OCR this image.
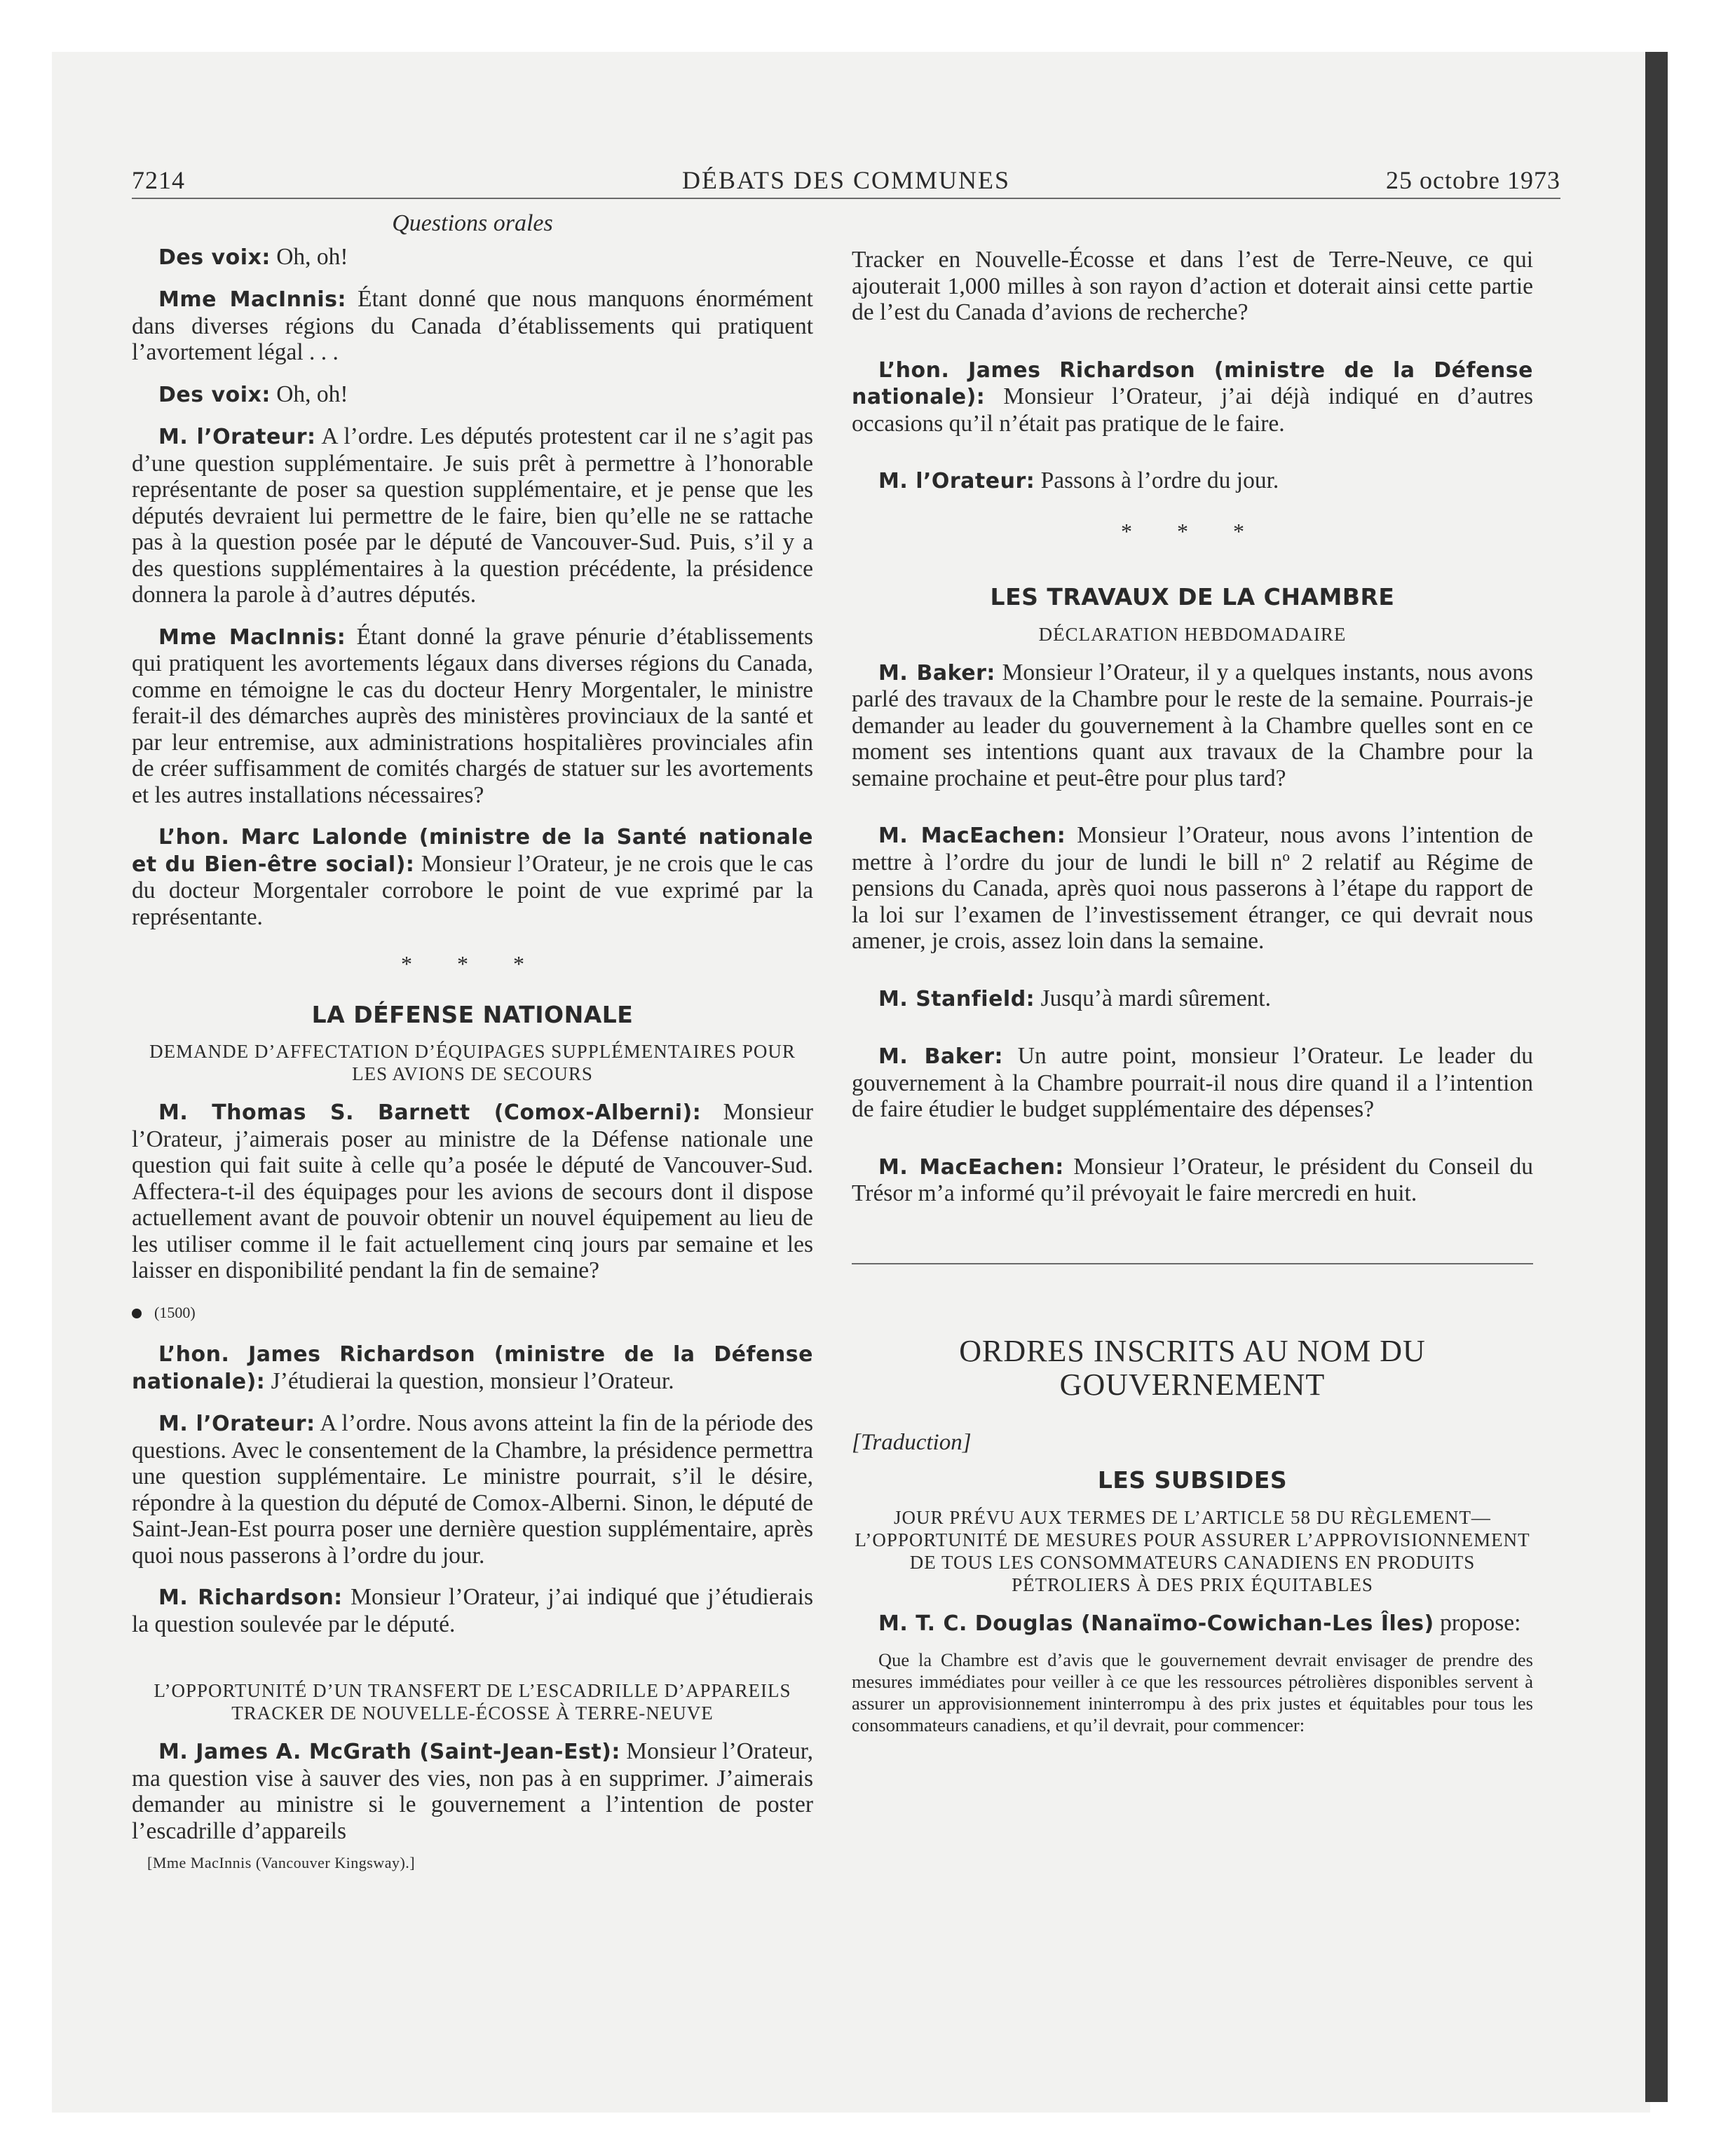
7214	DÉBATS DES COMMUNES	25 octobre 1973
Questions orales

Des voix: Oh, oh!

Mme MacInnis: Étant donné que nous manquons énormément dans diverses régions du Canada d’établissements qui pratiquent l’avortement légal . . .

Des voix: Oh, oh!

M. l’Orateur: A l’ordre. Les députés protestent car il ne s’agit pas d’une question supplémentaire. Je suis prêt à permettre à l’honorable représentante de poser sa question supplémentaire, et je pense que les députés devraient lui permettre de le faire, bien qu’elle ne se rattache pas à la question posée par le député de Vancouver-Sud. Puis, s’il y a des questions supplémentaires à la question précédente, la présidence donnera la parole à d’autres députés.

Mme MacInnis: Étant donné la grave pénurie d’établissements qui pratiquent les avortements légaux dans diverses régions du Canada, comme en témoigne le cas du docteur Henry Morgentaler, le ministre ferait-il des démarches auprès des ministères provinciaux de la santé et par leur entremise, aux administrations hospitalières provinciales afin de créer suffisamment de comités chargés de statuer sur les avortements et les autres installations nécessaires?

L’hon. Marc Lalonde (ministre de la Santé nationale et du Bien-être social): Monsieur l’Orateur, je ne crois que le cas du docteur Morgentaler corrobore le point de vue exprimé par la représentante.

* * *
LA DÉFENSE NATIONALE
DEMANDE D’AFFECTATION D’ÉQUIPAGES SUPPLÉMENTAIRES POUR LES AVIONS DE SECOURS

M. Thomas S. Barnett (Comox-Alberni): Monsieur l’Orateur, j’aimerais poser au ministre de la Défense nationale une question qui fait suite à celle qu’a posée le député de Vancouver-Sud. Affectera-t-il des équipages pour les avions de secours dont il dispose actuellement avant de pouvoir obtenir un nouvel équipement au lieu de les utiliser comme il le fait actuellement cinq jours par semaine et les laisser en disponibilité pendant la fin de semaine?

(1500)

L’hon. James Richardson (ministre de la Défense nationale): J’étudierai la question, monsieur l’Orateur.

M. l’Orateur: A l’ordre. Nous avons atteint la fin de la période des questions. Avec le consentement de la Chambre, la présidence permettra une question supplémentaire. Le ministre pourrait, s’il le désire, répondre à la question du député de Comox-Alberni. Sinon, le député de Saint-Jean-Est pourra poser une dernière question supplémentaire, après quoi nous passerons à l’ordre du jour.

M. Richardson: Monsieur l’Orateur, j’ai indiqué que j’étudierais la question soulevée par le député.

L’OPPORTUNITÉ D’UN TRANSFERT DE L’ESCADRILLE D’APPAREILS TRACKER DE NOUVELLE-ÉCOSSE À TERRE-NEUVE

M. James A. McGrath (Saint-Jean-Est): Monsieur l’Orateur, ma question vise à sauver des vies, non pas à en supprimer. J’aimerais demander au ministre si le gouvernement a l’intention de poster l’escadrille d’appareils

[Mme MacInnis (Vancouver Kingsway).]

Tracker en Nouvelle-Écosse et dans l’est de Terre-Neuve, ce qui ajouterait 1,000 milles à son rayon d’action et doterait ainsi cette partie de l’est du Canada d’avions de recherche?

L’hon. James Richardson (ministre de la Défense nationale): Monsieur l’Orateur, j’ai déjà indiqué en d’autres occasions qu’il n’était pas pratique de le faire.

M. l’Orateur: Passons à l’ordre du jour.

* * *
LES TRAVAUX DE LA CHAMBRE
DÉCLARATION HEBDOMADAIRE

M. Baker: Monsieur l’Orateur, il y a quelques instants, nous avons parlé des travaux de la Chambre pour le reste de la semaine. Pourrais-je demander au leader du gouvernement à la Chambre quelles sont en ce moment ses intentions quant aux travaux de la Chambre pour la semaine prochaine et peut-être pour plus tard?

M. MacEachen: Monsieur l’Orateur, nous avons l’intention de mettre à l’ordre du jour de lundi le bill nº 2 relatif au Régime de pensions du Canada, après quoi nous passerons à l’étape du rapport de la loi sur l’examen de l’investissement étranger, ce qui devrait nous amener, je crois, assez loin dans la semaine.

M. Stanfield: Jusqu’à mardi sûrement.

M. Baker: Un autre point, monsieur l’Orateur. Le leader du gouvernement à la Chambre pourrait-il nous dire quand il a l’intention de faire étudier le budget supplémentaire des dépenses?

M. MacEachen: Monsieur l’Orateur, le président du Conseil du Trésor m’a informé qu’il prévoyait le faire mercredi en huit.

ORDRES INSCRITS AU NOM DU GOUVERNEMENT
[Traduction]
LES SUBSIDES
JOUR PRÉVU AUX TERMES DE L’ARTICLE 58 DU RÈGLEMENT—L’OPPORTUNITÉ DE MESURES POUR ASSURER L’APPROVISIONNEMENT DE TOUS LES CONSOMMATEURS CANADIENS EN PRODUITS PÉTROLIERS À DES PRIX ÉQUITABLES

M. T. C. Douglas (Nanaïmo-Cowichan-Les Îles) propose:

Que la Chambre est d’avis que le gouvernement devrait envisager de prendre des mesures immédiates pour veiller à ce que les ressources pétrolières disponibles servent à assurer un approvisionnement ininterrompu à des prix justes et équitables pour tous les consommateurs canadiens, et qu’il devrait, pour commencer:
